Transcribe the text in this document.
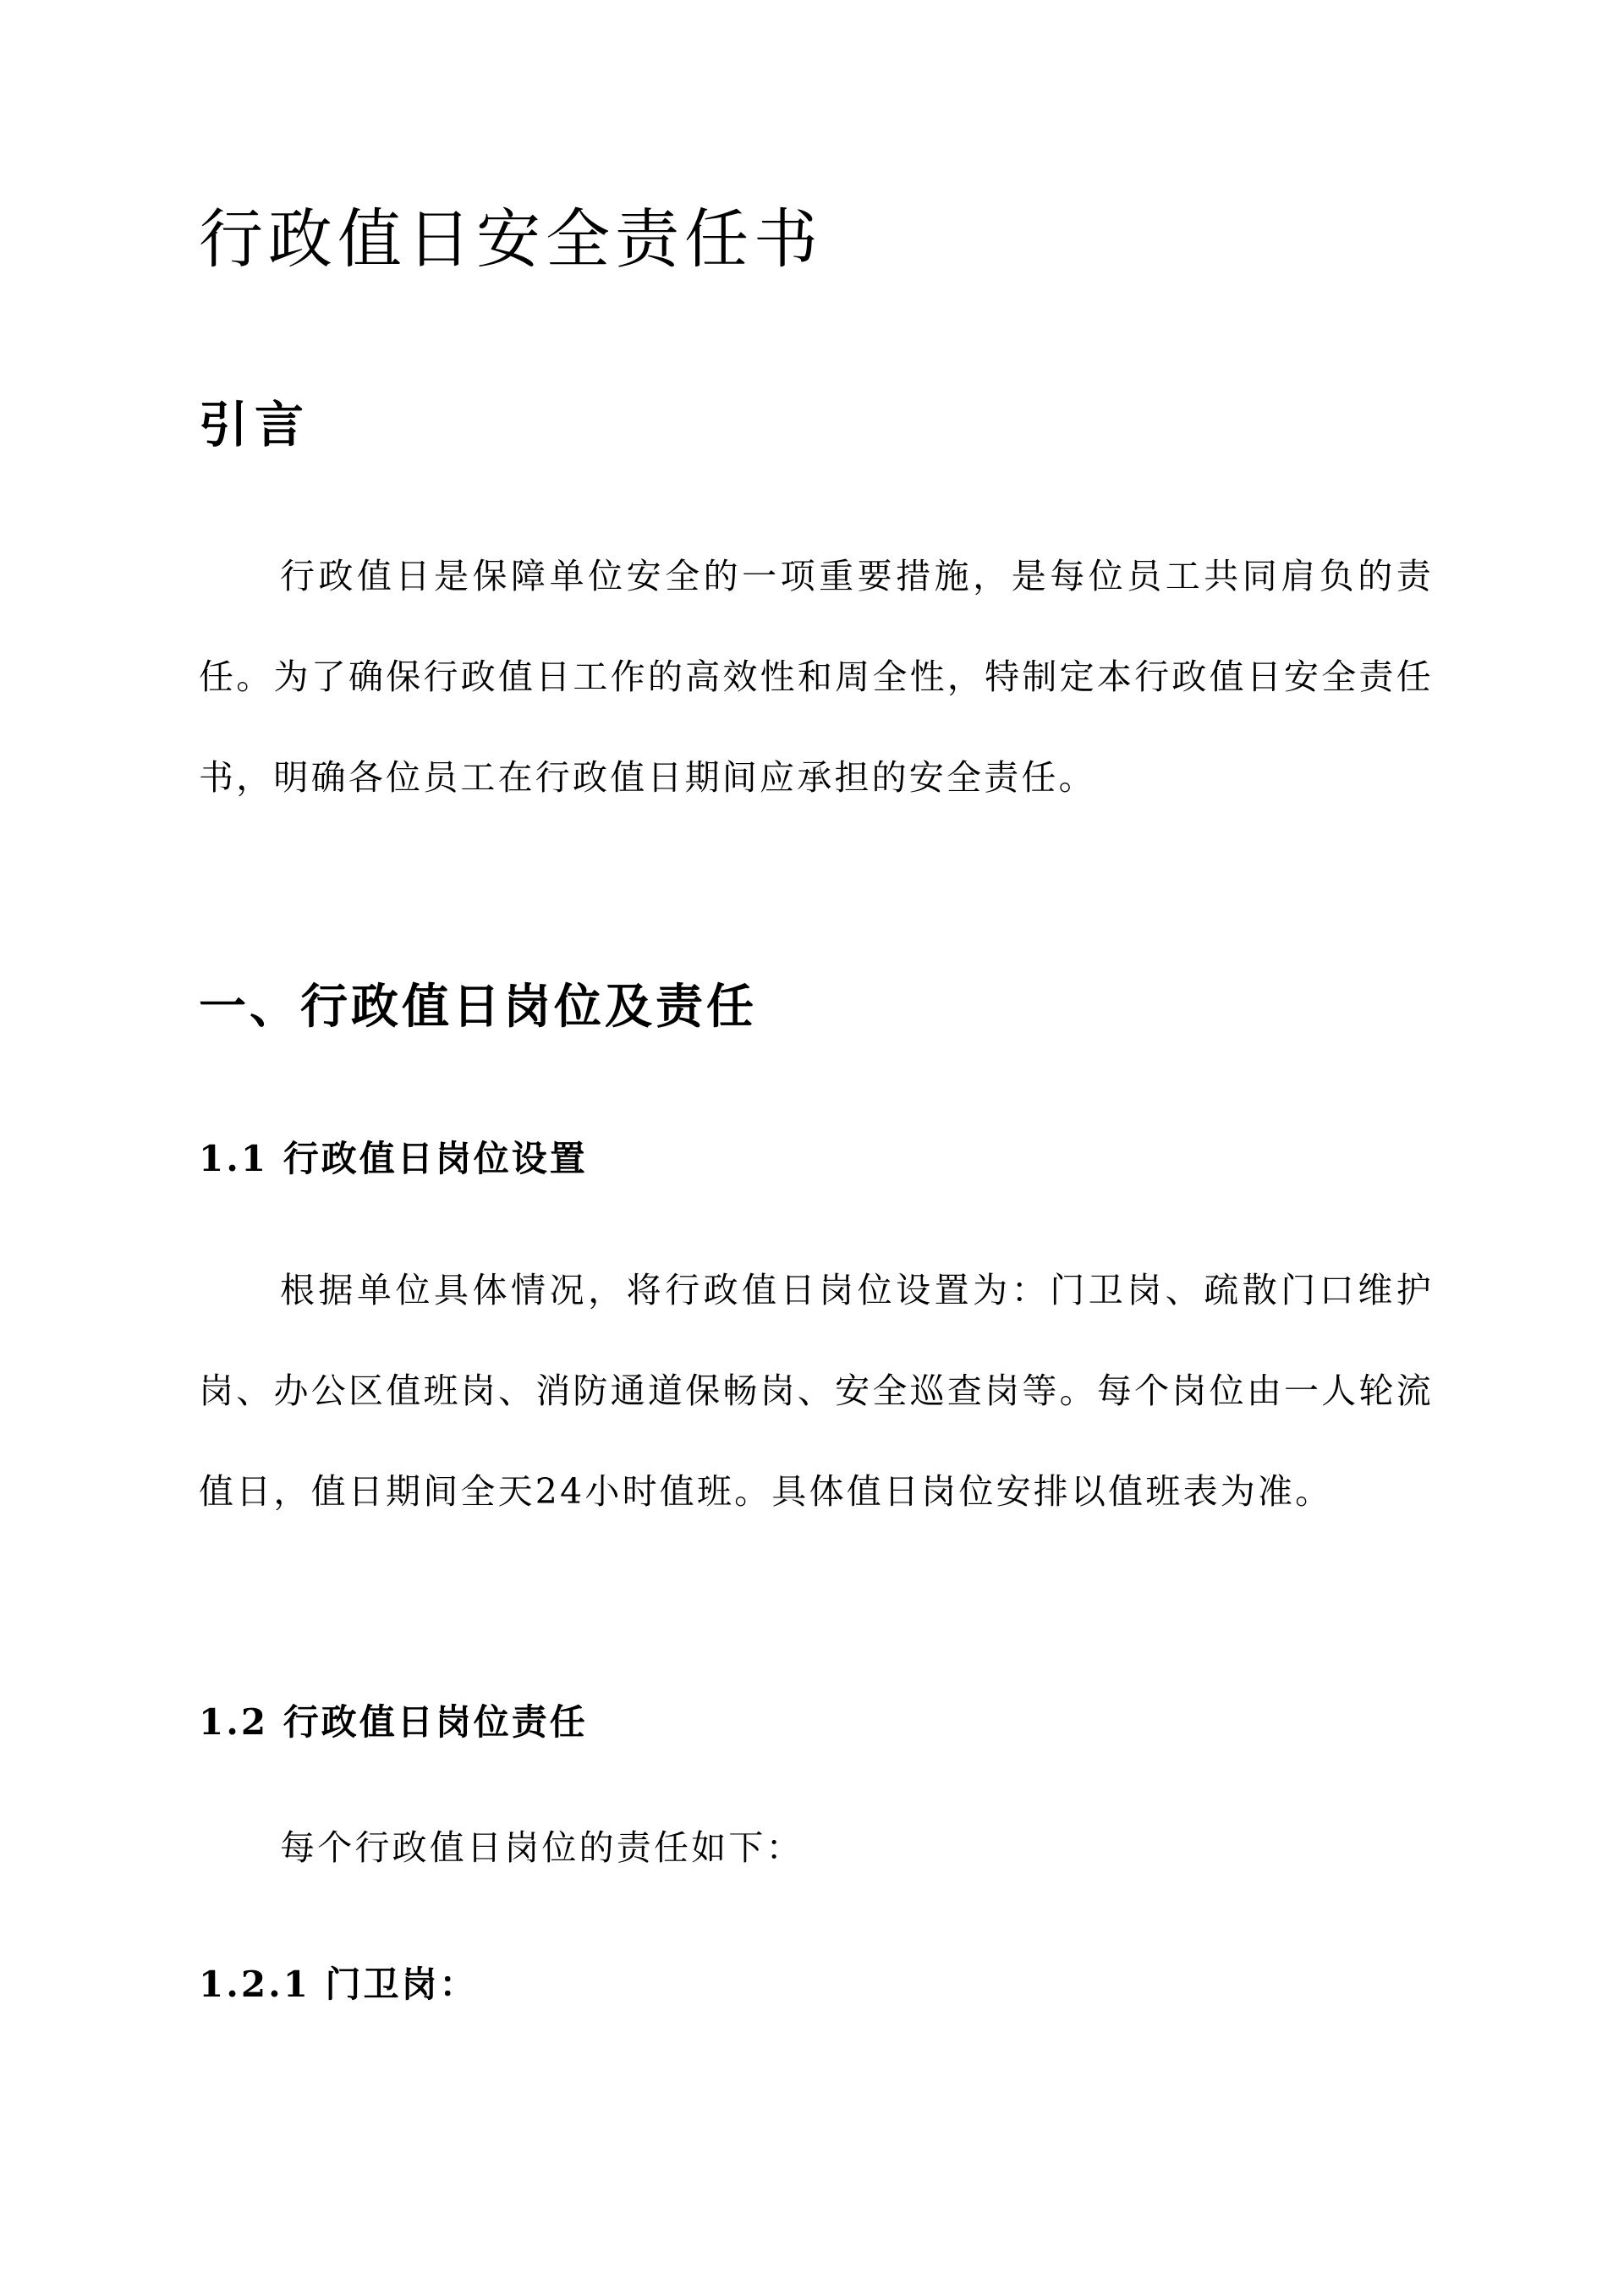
行政值日安全责任书
引言

行政值日是保障单位安全的一项重要措施，是每位员工共同肩负的责任。为了确保行政值日工作的高效性和周全性，特制定本行政值日安全责任书，明确各位员工在行政值日期间应承担的安全责任。

一、行政值日岗位及责任
1.1 行政值日岗位设置

根据单位具体情况，将行政值日岗位设置为：门卫岗、疏散门口维护岗、办公区值班岗、消防通道保畅岗、安全巡查岗等。每个岗位由一人轮流值日，值日期间全天24小时值班。具体值日岗位安排以值班表为准。

1.2 行政值日岗位责任

每个行政值日岗位的责任如下：

1.2.1 门卫岗：
